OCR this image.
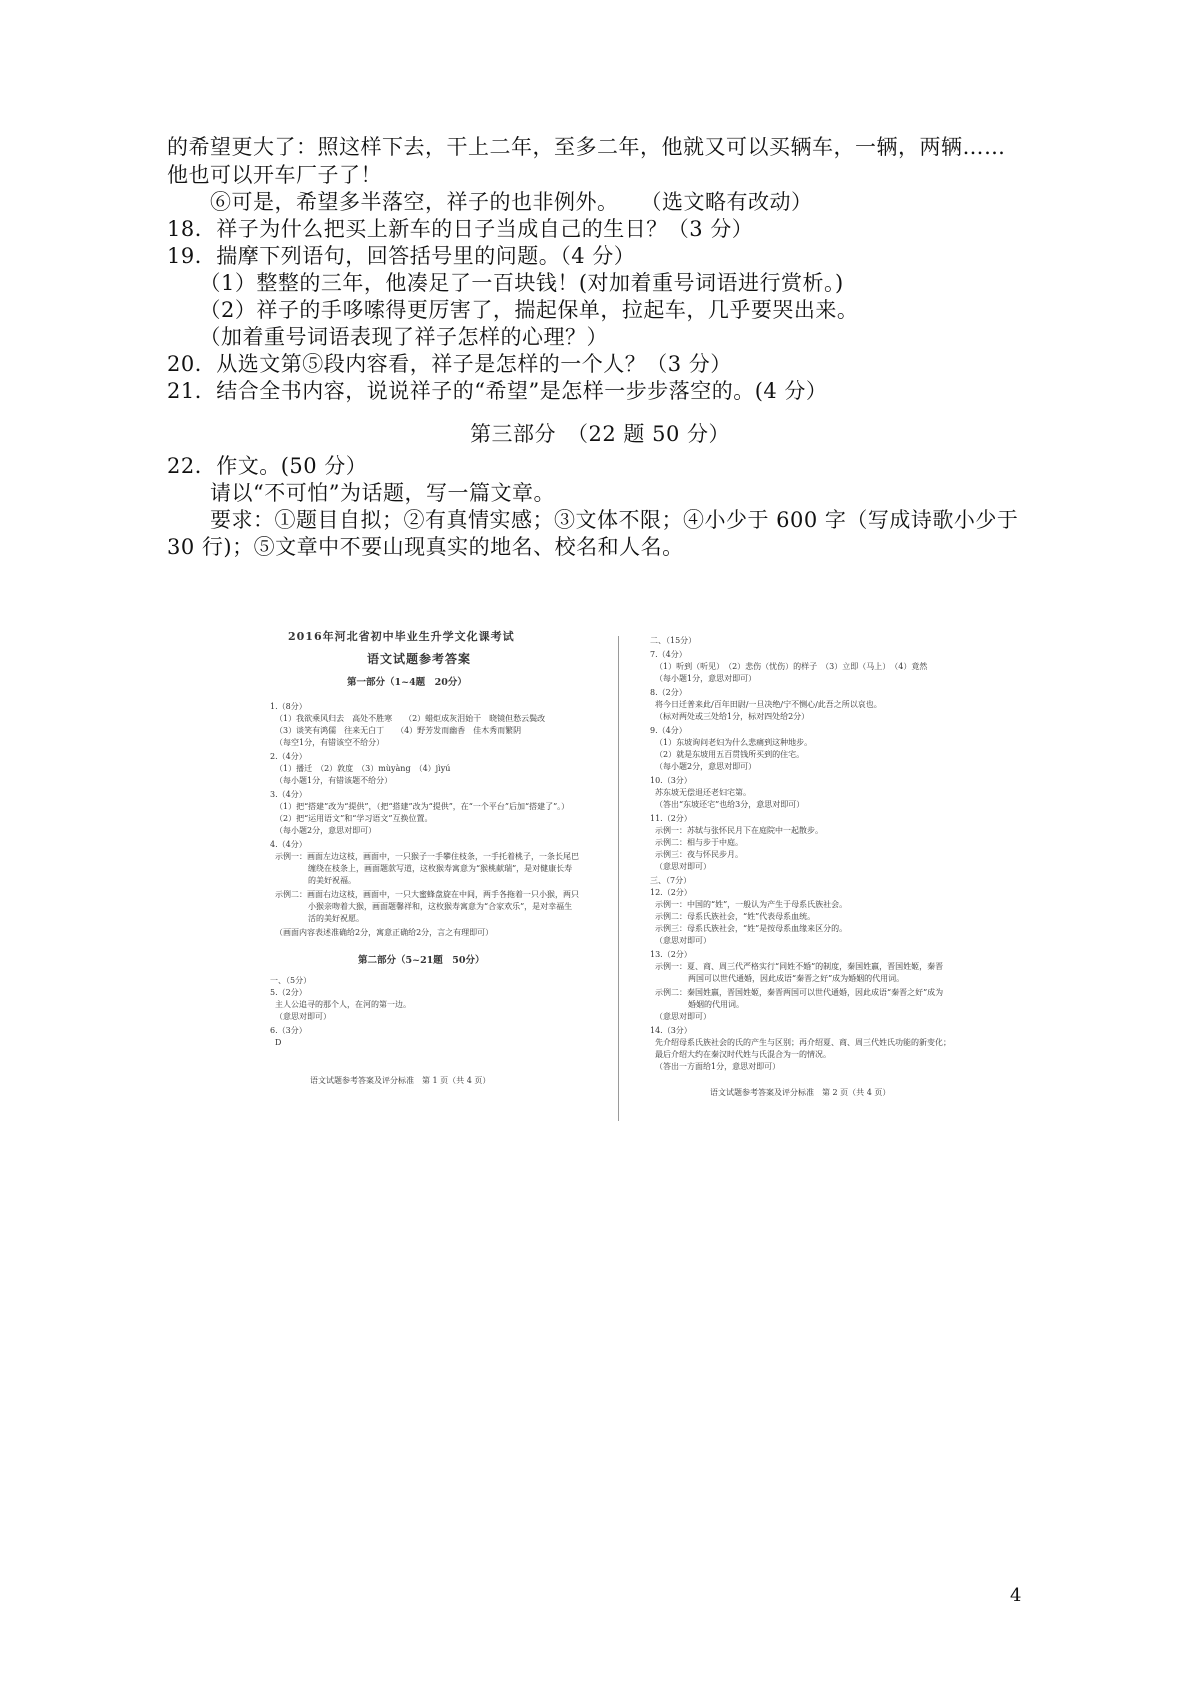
的希望更大了：照这样下去，干上二年，至多二年，他就又可以买辆车，一辆，两辆……
他也可以开车厂子了！
　　⑥可是，希望多半落空，祥子的也非例外。　　（选文略有改动）
18．祥子为什么把买上新车的日子当成自己的生日？（3 分）
19．揣摩下列语句，回答括号里的问题。（4 分）
　　（1）整整的三年，他凑足了一百块钱！(对加着重号词语进行赏析。)
　　（2）祥子的手哆嗦得更厉害了，揣起保单，拉起车，几乎要哭出来。
　　（加着重号词语表现了祥子怎样的心理？）
20．从选文第⑤段内容看，祥子是怎样的一个人？（3 分）
21．结合全书内容，说说祥子的“希望”是怎样一步步落空的。(4 分）
第三部分　（22 题 50 分）
22．作文。(50 分）
　　请以“不可怕”为话题，写一篇文章。
　　要求：①题目自拟；②有真情实感；③文体不限；④小少于 600 字（写成诗歌小少于
30 行)；⑤文章中不要山现真实的地名、校名和人名。
2016年河北省初中毕业生升学文化课考试
语文试题参考答案
第一部分（1~4题　20分）
1.（8分）
（1）我欲乘风归去　高处不胜寒　　（2）蜡炬成灰泪始干　晓镜但愁云鬓改
（3）谈笑有鸿儒　往来无白丁　　（4）野芳发而幽香　佳木秀而繁阴
（每空1分，有错该空不给分）
2.（4分）
（1）播迁　（2）敦度　（3）mùyàng　（4）jìyú
（每小题1分，有错该题不给分）
3.（4分）
（1）把“搭建”改为“提供”，（把“搭建”改为“提供”，在“一个平台”后加“搭建了”。）
（2）把“运用语文”和“学习语文”互换位置。
（每小题2分，意思对即可）
4.（4分）
示例一：画面左边这枝，画面中，一只猴子一手攀住枝条，一手托着桃子，一条长尾巴
缠绕在枝条上，画面题款写道，这枚猴寿寓意为“猴桃献瑞”，是对健康长寿
的美好祝福。
示例二：画面右边这枝，画面中，一只大蜜蜂盘旋在中间，两手各拖着一只小猴，两只
小猴亲吻着大猴，画面题馨祥和，这枚猴寿寓意为“合家欢乐”，是对幸福生
活的美好祝愿。
（画面内容表述准确给2分，寓意正确给2分，言之有理即可）
第二部分（5~21题　50分）
一、（5分）
5.（2分）
主人公追寻的那个人，在河的第一边。
（意思对即可）
6.（3分）
D
语文试题参考答案及评分标准　第 1 页（共 4 页）
二、（15分）
7.（4分）
（1）听到（听见）　（2）悲伤（忧伤）的样子　（3）立即（马上）　（4）竟然
（每小题1分，意思对即可）
8.（2分）
将今日迁普来此/百年田尉/一旦决绝/宁不恻心/此吾之所以哀也。
（标对两处或三处给1分，标对四处给2分）
9.（4分）
（1）东坡询问老妇为什么悲痛到这种地步。
（2）就是东坡用五百贯钱所买到的住宅。
（每小题2分，意思对即可）
10.（3分）
苏东坡无偿退还老妇宅第。
（答出“东坡还宅”也给3分，意思对即可）
11.（2分）
示例一：苏轼与张怀民月下在庭院中一起散步。
示例二：相与步于中庭。
示例三：夜与怀民步月。
（意思对即可）
三、（7分）
12.（2分）
示例一：中国的“姓”，一般认为产生于母系氏族社会。
示例二：母系氏族社会，“姓”代表母系血统。
示例三：母系氏族社会，“姓”是按母系血缘来区分的。
（意思对即可）
13.（2分）
示例一：夏、商、周三代严格实行“同姓不婚”的制度，秦国姓嬴，晋国姓姬，秦晋
两国可以世代通婚，因此成语“秦晋之好”成为婚姻的代用词。
示例二：秦国姓嬴，晋国姓姬，秦晋两国可以世代通婚，因此成语“秦晋之好”成为
婚姻的代用词。
（意思对即可）
14.（3分）
先介绍母系氏族社会的氏的产生与区别；再介绍夏、商、周三代姓氏功能的新变化；
最后介绍大约在秦汉时代姓与氏混合为一的情况。
（答出一方面给1分，意思对即可）
语文试题参考答案及评分标准　第 2 页（共 4 页）
4
